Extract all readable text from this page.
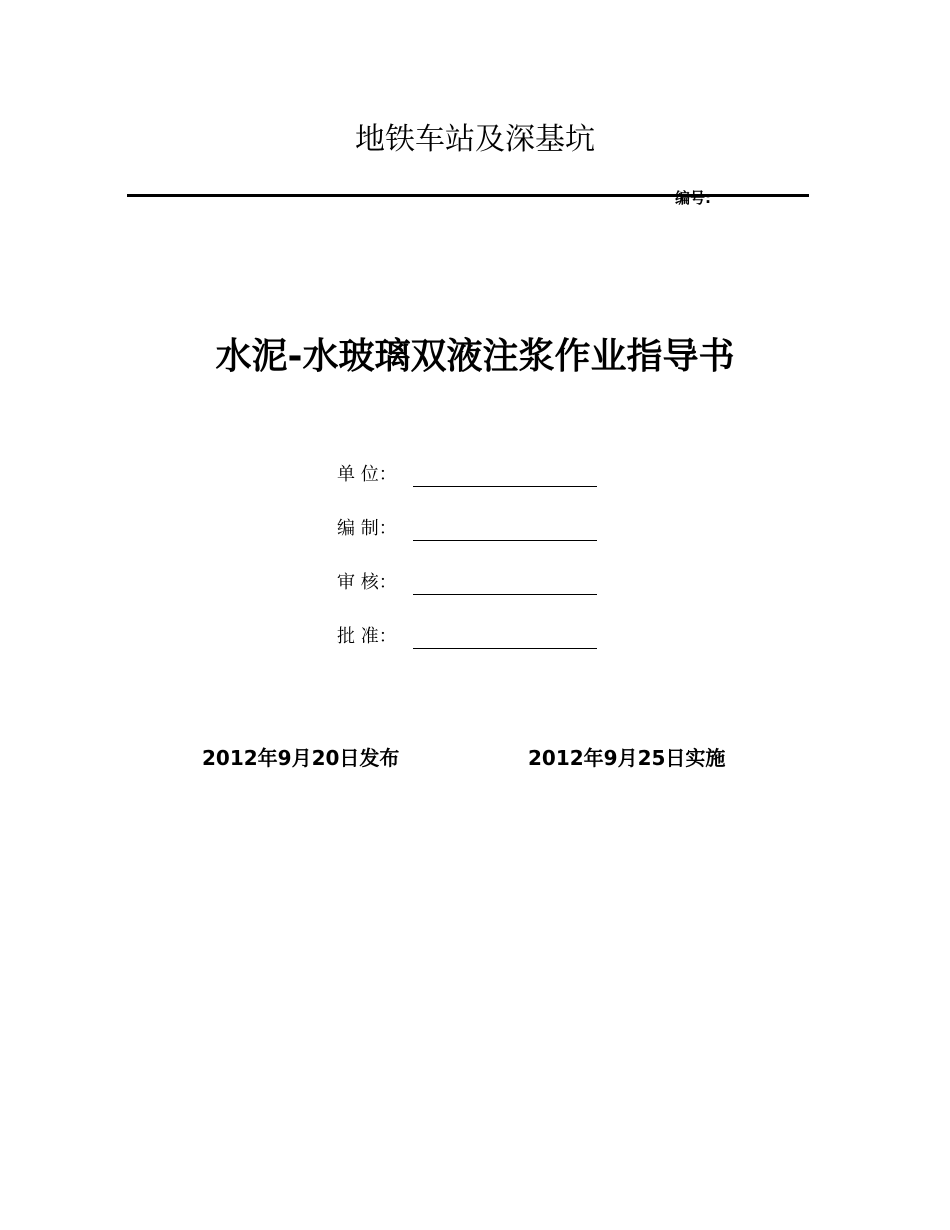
地铁车站及深基坑
编号:
水泥-水玻璃双液注浆作业指导书
单 位：
编 制：
审 核：
批 准：
2012年9月20日发布	2012年9月25日实施
